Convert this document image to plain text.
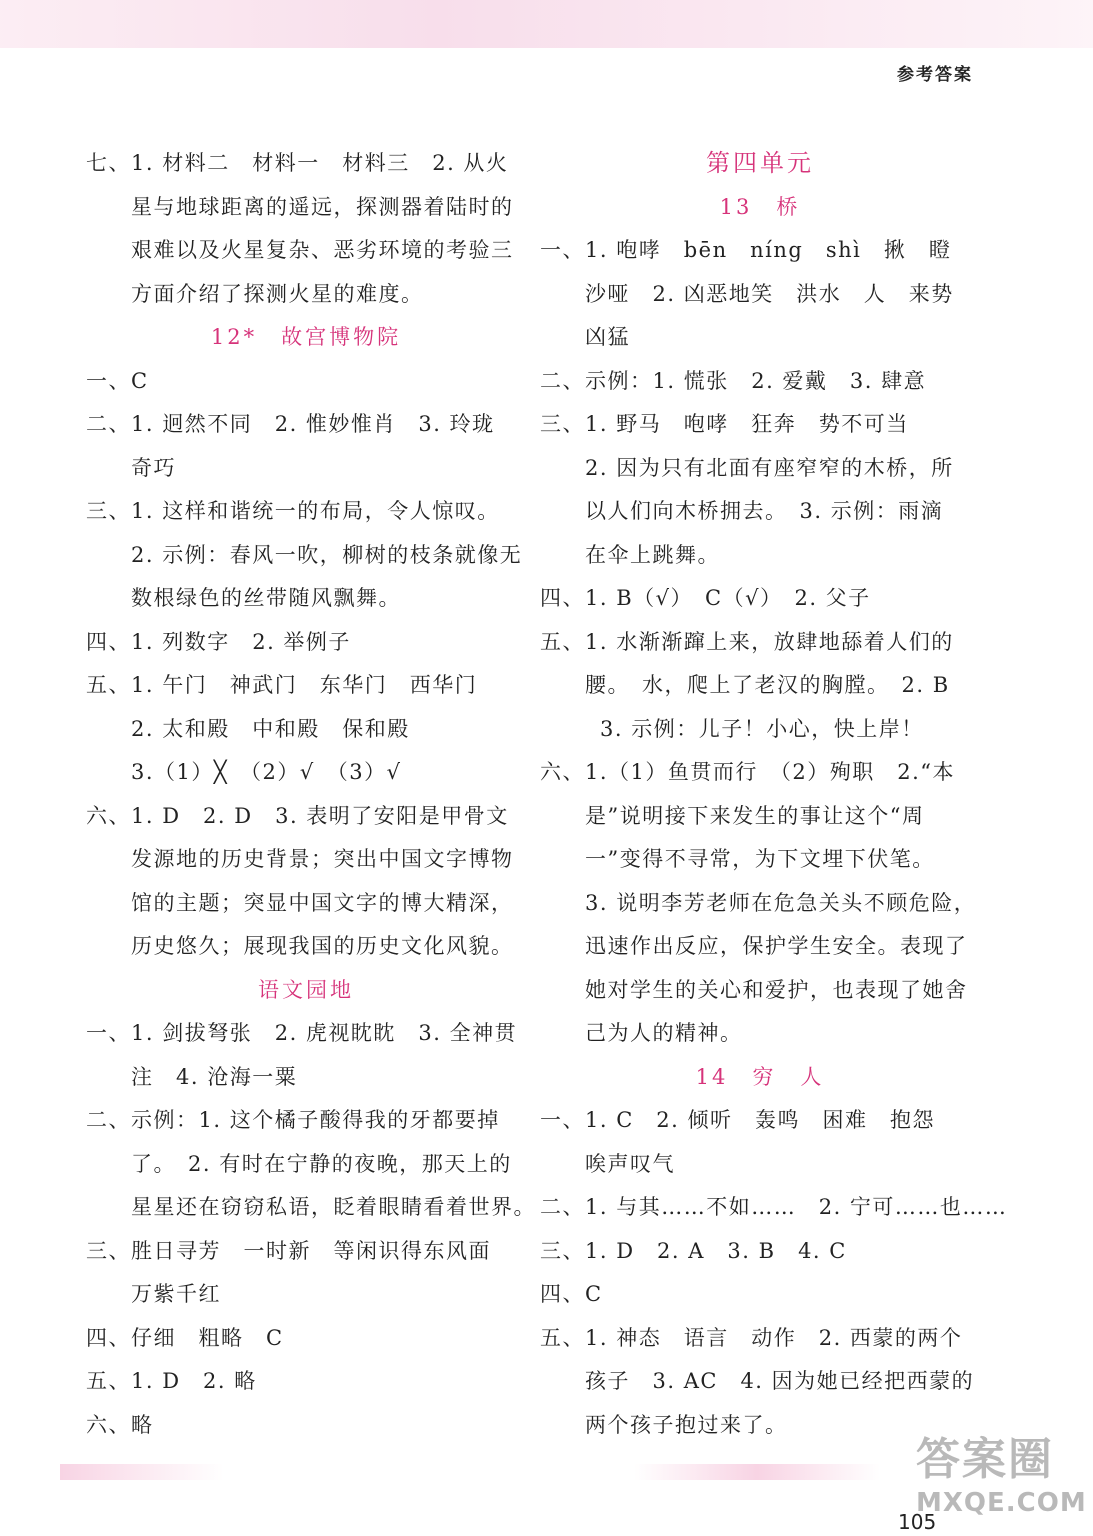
参考答案
七、1. 材料二　材料一　材料三　2. 从火
星与地球距离的遥远，探测器着陆时的
艰难以及火星复杂、恶劣环境的考验三
方面介绍了探测火星的难度。
12*　故宫博物院
一、C
二、1. 迥然不同　2. 惟妙惟肖　3. 玲珑
奇巧
三、1. 这样和谐统一的布局，令人惊叹。
2. 示例：春风一吹，柳树的枝条就像无
数根绿色的丝带随风飘舞。
四、1. 列数字　2. 举例子
五、1. 午门　神武门　东华门　西华门
2. 太和殿　中和殿　保和殿
3.（1）╳　（2）√　（3）√
六、1. D　2. D　3. 表明了安阳是甲骨文
发源地的历史背景；突出中国文字博物
馆的主题；突显中国文字的博大精深，
历史悠久；展现我国的历史文化风貌。
语文园地
一、1. 剑拔弩张　2. 虎视眈眈　3. 全神贯
注　4. 沧海一粟
二、示例：1. 这个橘子酸得我的牙都要掉
了。　2. 有时在宁静的夜晚，那天上的
星星还在窃窃私语，眨着眼睛看着世界。
三、胜日寻芳　一时新　等闲识得东风面
万紫千红
四、仔细　粗略　C
五、1. D　2. 略
六、略
第四单元
13　桥
一、1. 咆哮　bēn　níng　shì　揪　瞪
沙哑　2. 凶恶地笑　洪水　人　来势
凶猛
二、示例：1. 慌张　2. 爱戴　3. 肆意
三、1. 野马　咆哮　狂奔　势不可当
2. 因为只有北面有座窄窄的木桥，所
以人们向木桥拥去。　3. 示例：雨滴
在伞上跳舞。
四、1. B（√）　C（√）　2. 父子
五、1. 水渐渐蹿上来，放肆地舔着人们的
腰。　水，爬上了老汉的胸膛。　2. B
3. 示例：儿子！小心，快上岸！
六、1.（1）鱼贯而行　（2）殉职　2.“本
是”说明接下来发生的事让这个“周
一”变得不寻常，为下文埋下伏笔。
3. 说明李芳老师在危急关头不顾危险，
迅速作出反应，保护学生安全。表现了
她对学生的关心和爱护，也表现了她舍
己为人的精神。
14　穷　人
一、1. C　2. 倾听　轰鸣　困难　抱怨
唉声叹气
二、1. 与其……不如……　2. 宁可……也……
三、1. D　2. A　3. B　4. C
四、C
五、1. 神态　语言　动作　2. 西蒙的两个
孩子　3. AC　4. 因为她已经把西蒙的
两个孩子抱过来了。
105
答案圈
MXQE.COM
